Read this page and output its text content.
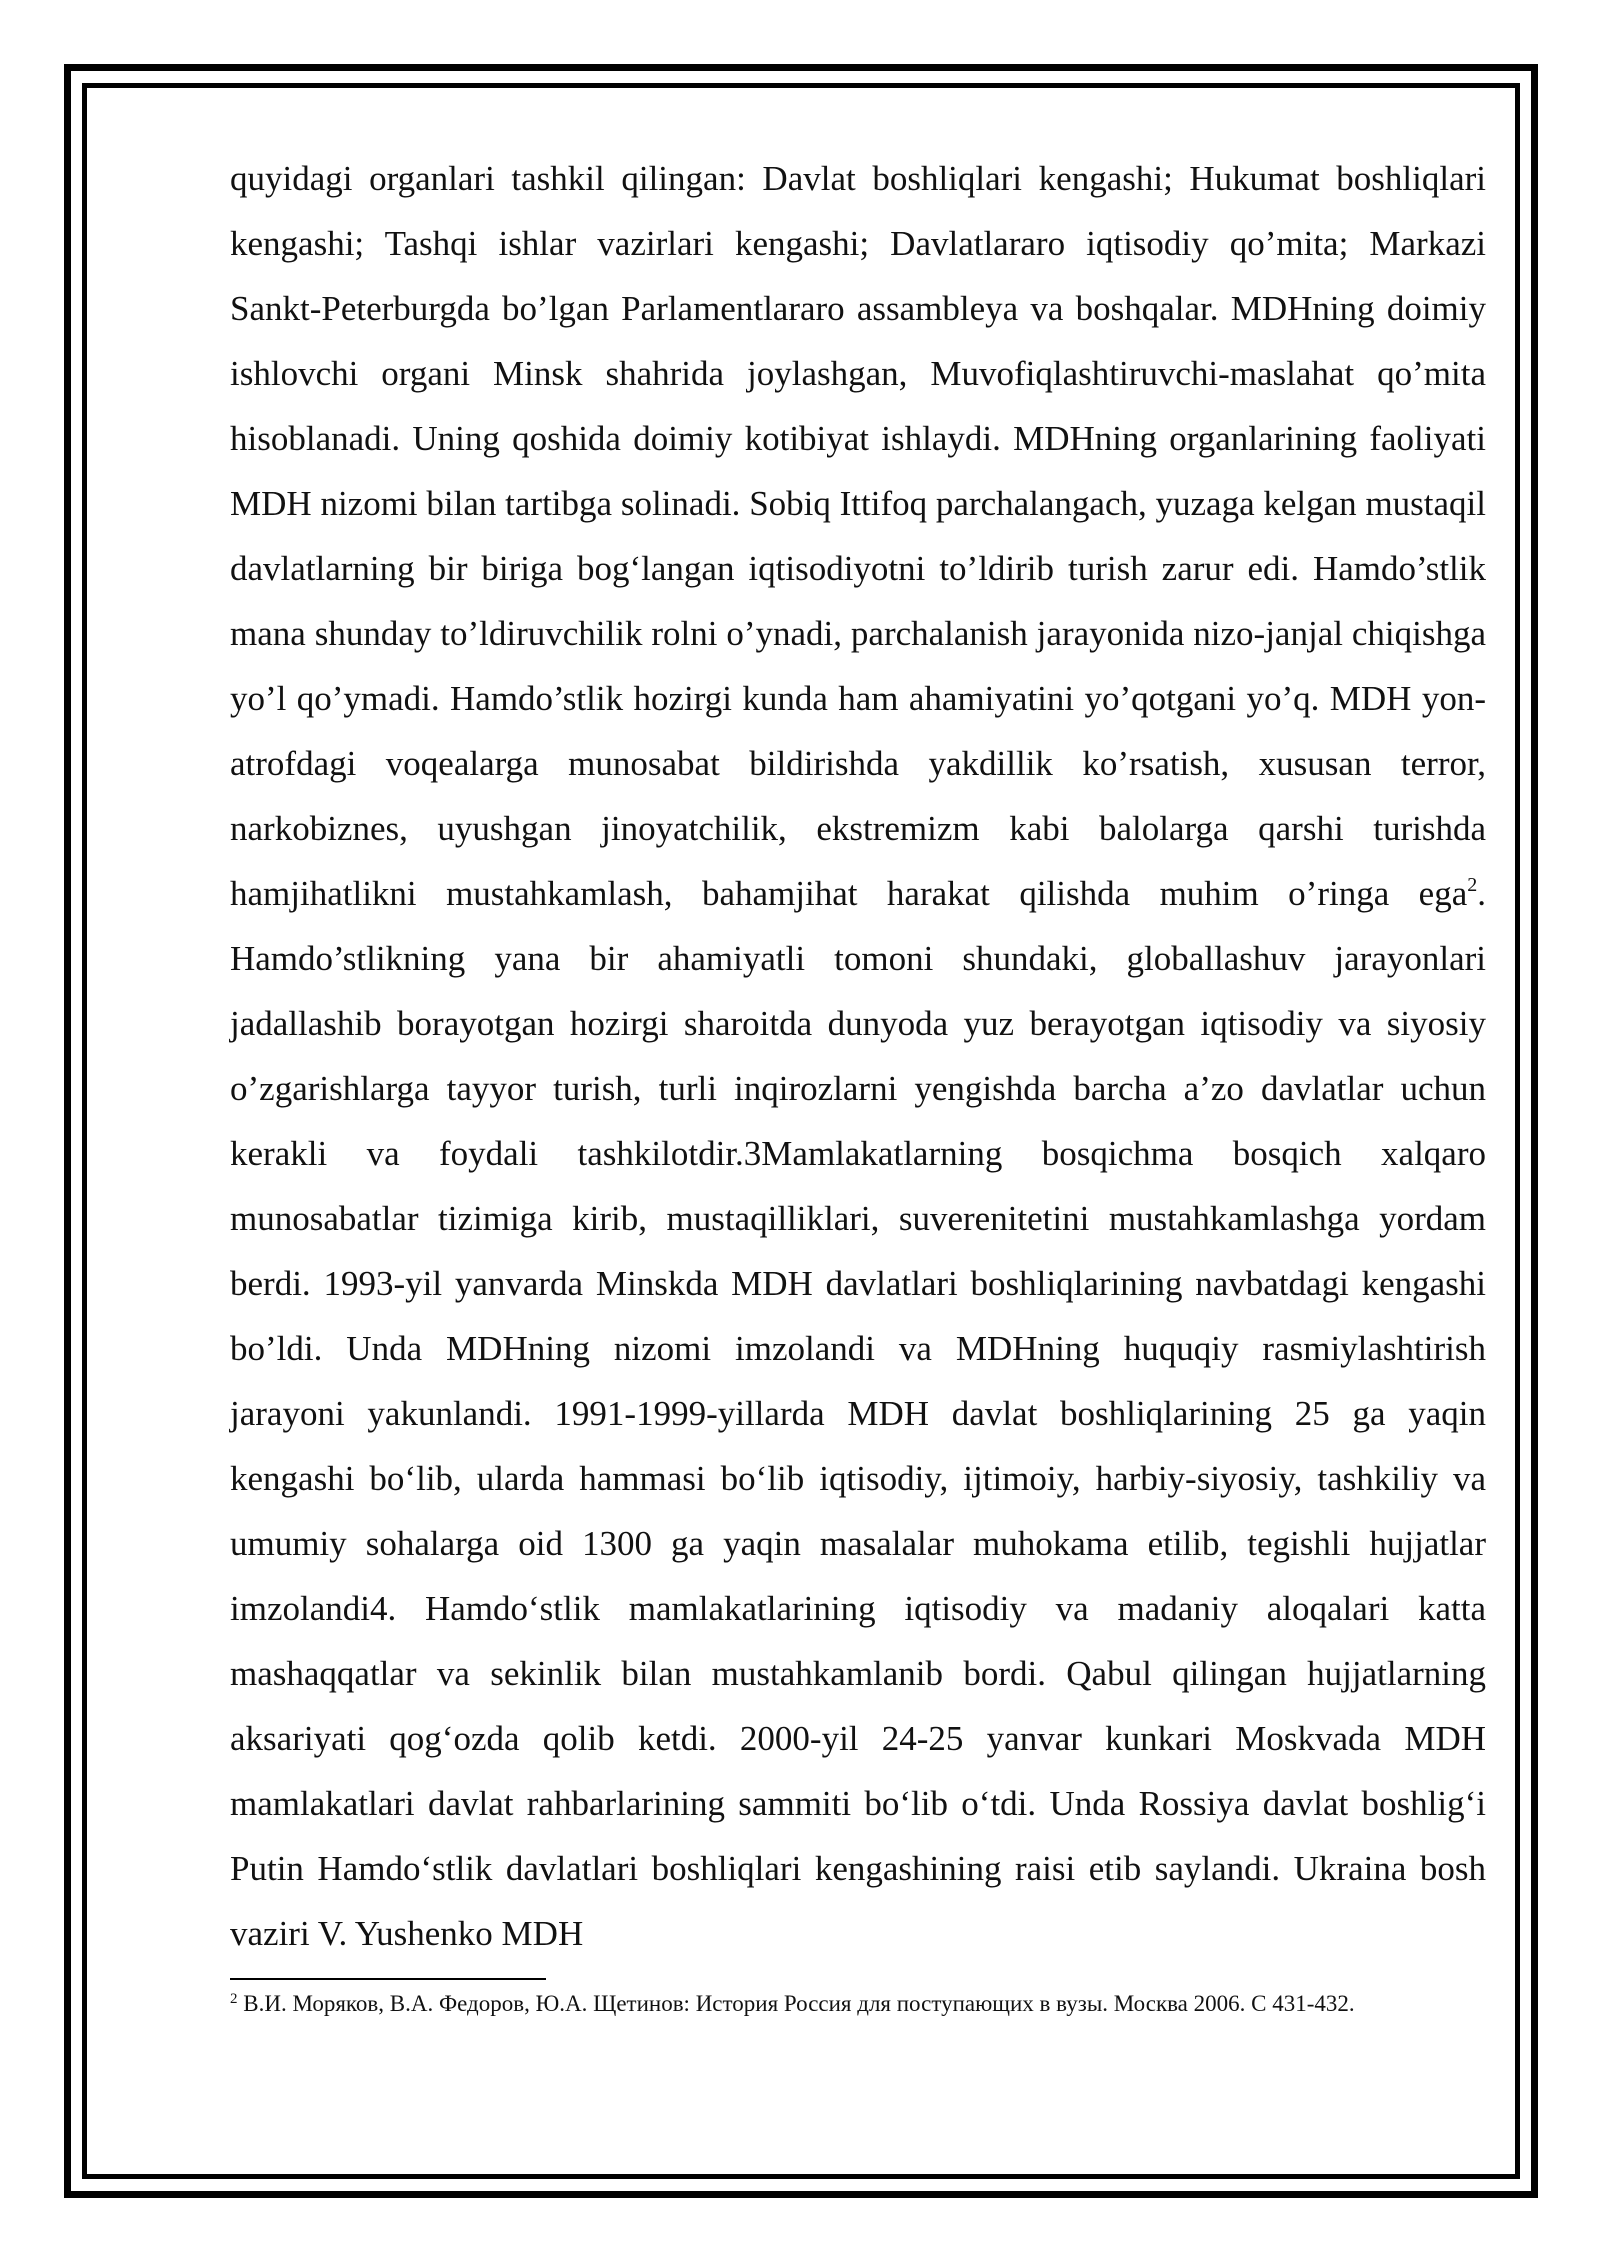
quyidagi organlari tashkil qilingan: Davlat boshliqlari kengashi; Hukumat boshliqlari kengashi; Tashqi ishlar vazirlari kengashi; Davlatlararo iqtisodiy qo’mita; Markazi Sankt-Peterburgda bo’lgan Parlamentlararo assambleya va boshqalar. MDHning doimiy ishlovchi organi Minsk shahrida joylashgan, Muvofiqlashtiruvchi-maslahat qo’mita hisoblanadi. Uning qoshida doimiy kotibiyat ishlaydi. MDHning organlarining faoliyati MDH nizomi bilan tartibga solinadi. Sobiq Ittifoq parchalangach, yuzaga kelgan mustaqil davlatlarning bir biriga bog‘langan iqtisodiyotni to’ldirib turish zarur edi. Hamdo’stlik mana shunday to’ldiruvchilik rolni o’ynadi, parchalanish jarayonida nizo-janjal chiqishga yo’l qo’ymadi. Hamdo’stlik hozirgi kunda ham ahamiyatini yo’qotgani yo’q. MDH yon-atrofdagi voqealarga munosabat bildirishda yakdillik ko’rsatish, xususan terror, narkobiznes, uyushgan jinoyatchilik, ekstremizm kabi balolarga qarshi turishda hamjihatlikni mustahkamlash, bahamjihat harakat qilishda muhim o’ringa ega$^2$. Hamdo’stlikning yana bir ahamiyatli tomoni shundaki, globallashuv jarayonlari jadallashib borayotgan hozirgi sharoitda dunyoda yuz berayotgan iqtisodiy va siyosiy o’zgarishlarga tayyor turish, turli inqirozlarni yengishda barcha a’zo davlatlar uchun kerakli va foydali tashkilotdir.3Mamlakatlarning bosqichma bosqich xalqaro munosabatlar tizimiga kirib, mustaqilliklari, suverenitetini mustahkamlashga yordam berdi. 1993-yil yanvarda Minskda MDH davlatlari boshliqlarining navbatdagi kengashi bo’ldi. Unda MDHning nizomi imzolandi va MDHning huquqiy rasmiylashtirish jarayoni yakunlandi. 1991-1999-yillarda MDH davlat boshliqlarining 25 ga yaqin kengashi bo‘lib, ularda hammasi bo‘lib iqtisodiy, ijtimoiy, harbiy-siyosiy, tashkiliy va umumiy sohalarga oid 1300 ga yaqin masalalar muhokama etilib, tegishli hujjatlar imzolandi4. Hamdo‘stlik mamlakatlarining iqtisodiy va madaniy aloqalari katta mashaqqatlar va sekinlik bilan mustahkamlanib bordi. Qabul qilingan hujjatlarning aksariyati qog‘ozda qolib ketdi. 2000-yil 24-25 yanvar kunkari Moskvada MDH mamlakatlari davlat rahbarlarining sammiti bo‘lib o‘tdi. Unda Rossiya davlat boshlig‘i Putin Hamdo‘stlik davlatlari boshliqlari kengashining raisi etib saylandi. Ukraina bosh vaziri V. Yushenko MDH

$^2$ В.И. Моряков, В.А. Федоров, Ю.А. Щетинов: История Россия для поступающих в вузы. Москва 2006. С 431-432.
